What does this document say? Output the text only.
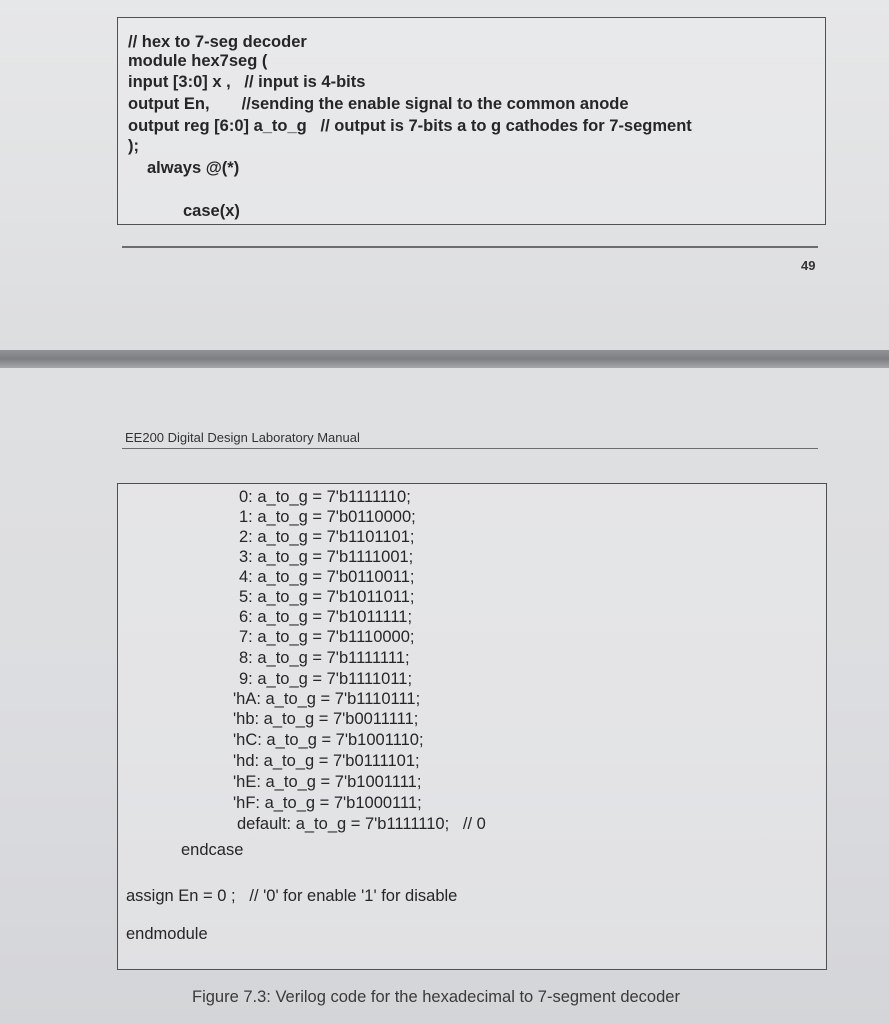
// hex to 7-seg decoder
module hex7seg (
input [3:0] x ,   // input is 4-bits
output En,       //sending the enable signal to the common anode
output reg [6:0] a_to_g   // output is 7-bits a to g cathodes for 7-segment
);
always @(*)
case(x)
49
EE200 Digital Design Laboratory Manual
0: a_to_g = 7'b1111110;
1: a_to_g = 7'b0110000;
2: a_to_g = 7'b1101101;
3: a_to_g = 7'b1111001;
4: a_to_g = 7'b0110011;
5: a_to_g = 7'b1011011;
6: a_to_g = 7'b1011111;
7: a_to_g = 7'b1110000;
8: a_to_g = 7'b1111111;
9: a_to_g = 7'b1111011;
'hA: a_to_g = 7'b1110111;
'hb: a_to_g = 7'b0011111;
'hC: a_to_g = 7'b1001110;
'hd: a_to_g = 7'b0111101;
'hE: a_to_g = 7'b1001111;
'hF: a_to_g = 7'b1000111;
default: a_to_g = 7'b1111110;   // 0
endcase
assign En = 0 ;   // '0' for enable '1' for disable
endmodule
Figure 7.3: Verilog code for the hexadecimal to 7-segment decoder
